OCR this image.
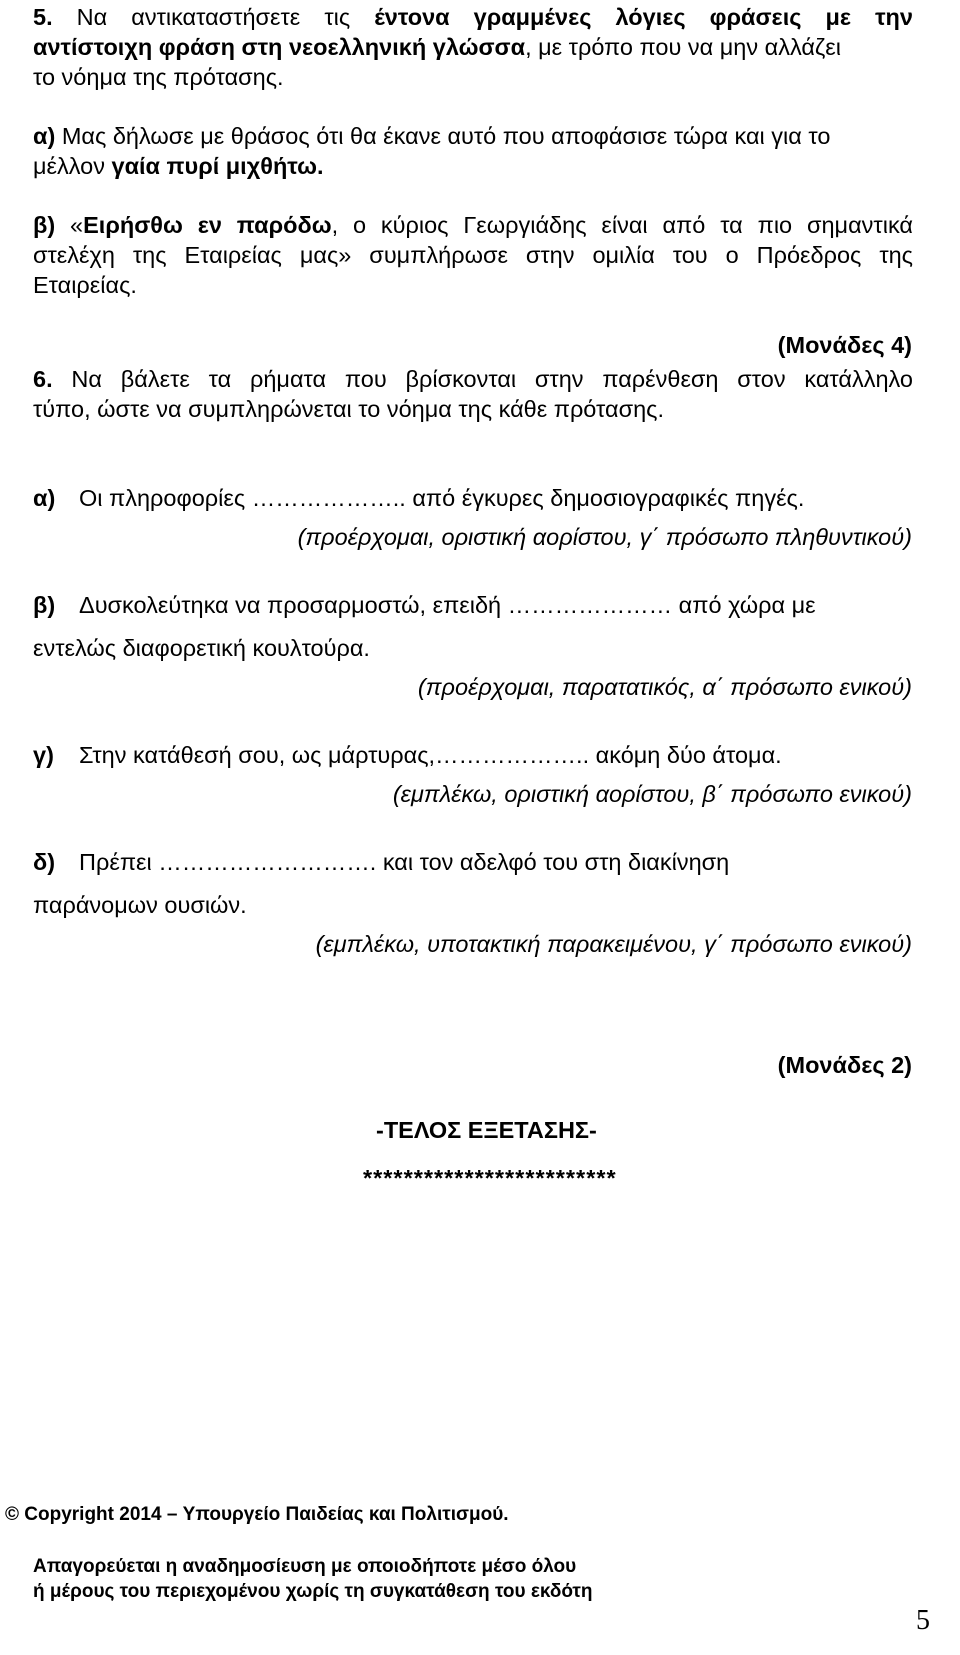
5. Να αντικαταστήσετε τις έντονα γραμμένες λόγιες φράσεις με την
αντίστοιχη φράση στη νεοελληνική γλώσσα, με τρόπο που να μην αλλάζει
το νόημα της πρότασης.
α) Μας δήλωσε με θράσος ότι θα έκανε αυτό που αποφάσισε τώρα και για το
μέλλον γαία πυρί μιχθήτω.
β) «Ειρήσθω εν παρόδω, ο κύριος Γεωργιάδης είναι από τα πιο σημαντικά
στελέχη της Εταιρείας μας» συμπλήρωσε στην ομιλία του ο Πρόεδρος της
Εταιρείας.
(Μονάδες 4)
6. Να βάλετε τα ρήματα που βρίσκονται στην παρένθεση στον κατάλληλο
τύπο, ώστε να συμπληρώνεται το νόημα της κάθε πρότασης.
α) Οι πληροφορίες ……………….. από έγκυρες δημοσιογραφικές πηγές.
(προέρχομαι, οριστική αορίστου, γ΄ πρόσωπο πληθυντικού)
β) Δυσκολεύτηκα να προσαρμοστώ, επειδή ………………… από χώρα με
εντελώς διαφορετική κουλτούρα.
(προέρχομαι, παρατατικός, α΄ πρόσωπο ενικού)
γ) Στην κατάθεσή σου, ως μάρτυρας,……………….. ακόμη δύο άτομα.
(εμπλέκω, οριστική αορίστου, β΄ πρόσωπο ενικού)
δ) Πρέπει ………………………. και τον αδελφό του στη διακίνηση
παράνομων ουσιών.
(εμπλέκω, υποτακτική παρακειμένου, γ΄ πρόσωπο ενικού)
(Μονάδες 2)
-ΤΕΛΟΣ ΕΞΕΤΑΣΗΣ-
*************************
© Copyright 2014 – Υπουργείο Παιδείας και Πολιτισμού.
Απαγορεύεται η αναδημοσίευση με οποιοδήποτε μέσο όλου
ή μέρους του περιεχομένου χωρίς τη συγκατάθεση του εκδότη
5
